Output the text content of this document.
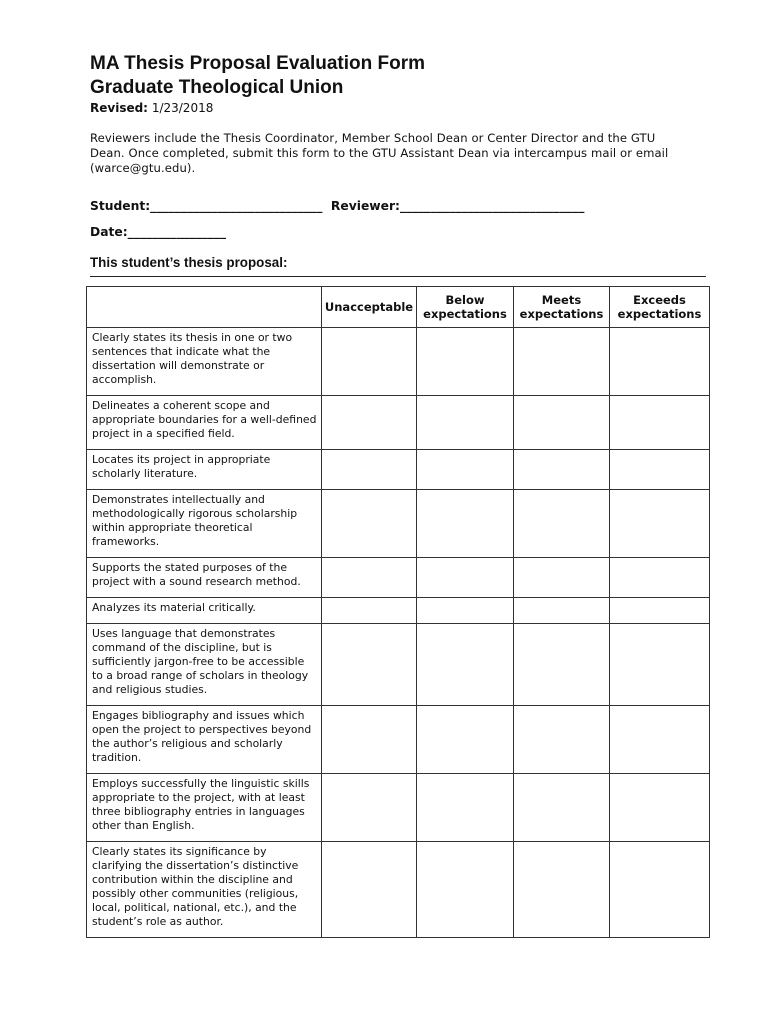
MA Thesis Proposal Evaluation Form
Graduate Theological Union
Revised: 1/23/2018
Reviewers include the Thesis Coordinator, Member School Dean or Center Director and the GTU Dean. Once completed, submit this form to the GTU Assistant Dean via intercampus mail or email (warce@gtu.edu).
Student:____________________________  Reviewer:______________________________
Date:________________
This student’s thesis proposal:
	Unacceptable	Below expectations	Meets expectations	Exceeds expectations
Clearly states its thesis in one or two sentences that indicate what the dissertation will demonstrate or accomplish.				
Delineates a coherent scope and appropriate boundaries for a well-defined project in a specified field.				
Locates its project in appropriate scholarly literature.				
Demonstrates intellectually and methodologically rigorous scholarship within appropriate theoretical frameworks.				
Supports the stated purposes of the project with a sound research method.				
Analyzes its material critically.				
Uses language that demonstrates command of the discipline, but is sufficiently jargon-free to be accessible to a broad range of scholars in theology and religious studies.				
Engages bibliography and issues which open the project to perspectives beyond the author’s religious and scholarly tradition.				
Employs successfully the linguistic skills appropriate to the project, with at least three bibliography entries in languages other than English.				
Clearly states its significance by clarifying the dissertation’s distinctive contribution within the discipline and possibly other communities (religious, local, political, national, etc.), and the student’s role as author.				
